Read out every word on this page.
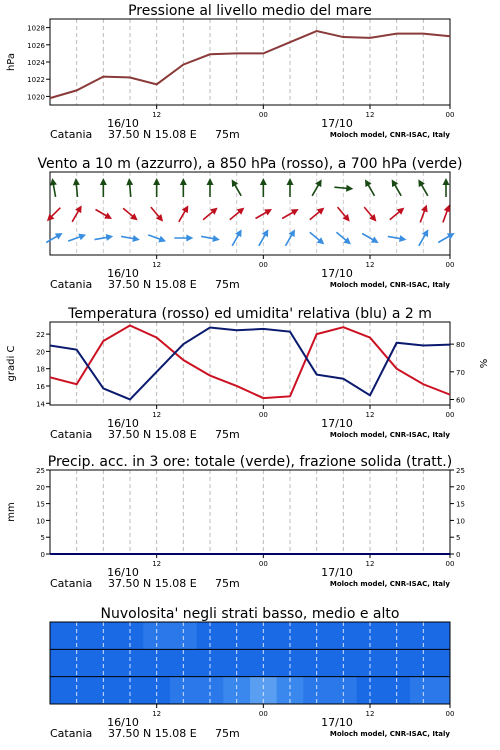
12	00	12	00
16/10	17/10
Catania 37.50 N 15.08 E 75m	Moloch model, CNR-ISAC, Italy
Pressione al livello medio del mare
1020
1022
1024
1026
1028
hPa
12	00	12	00
16/10	17/10
Catania 37.50 N 15.08 E 75m	Moloch model, CNR-ISAC, Italy
Vento a 10 m (azzurro), a 850 hPa (rosso), a 700 hPa (verde)
12	00	12	00
16/10	17/10
Catania 37.50 N 15.08 E 75m	Moloch model, CNR-ISAC, Italy
Temperatura (rosso) ed umidita' relativa (blu) a 2 m
14
16
18
20
22
60
70
80
gradi C	%
12	00	12	00
16/10	17/10
Catania 37.50 N 15.08 E 75m	Moloch model, CNR-ISAC, Italy
Precip. acc. in 3 ore: totale (verde), frazione solida (tratt.)
0
5
10
15
20
25
0
5
10
15
20
25
mm
12	00	12	00
16/10	17/10
Catania 37.50 N 15.08 E 75m	Moloch model, CNR-ISAC, Italy
Nuvolosita' negli strati basso, medio e alto
